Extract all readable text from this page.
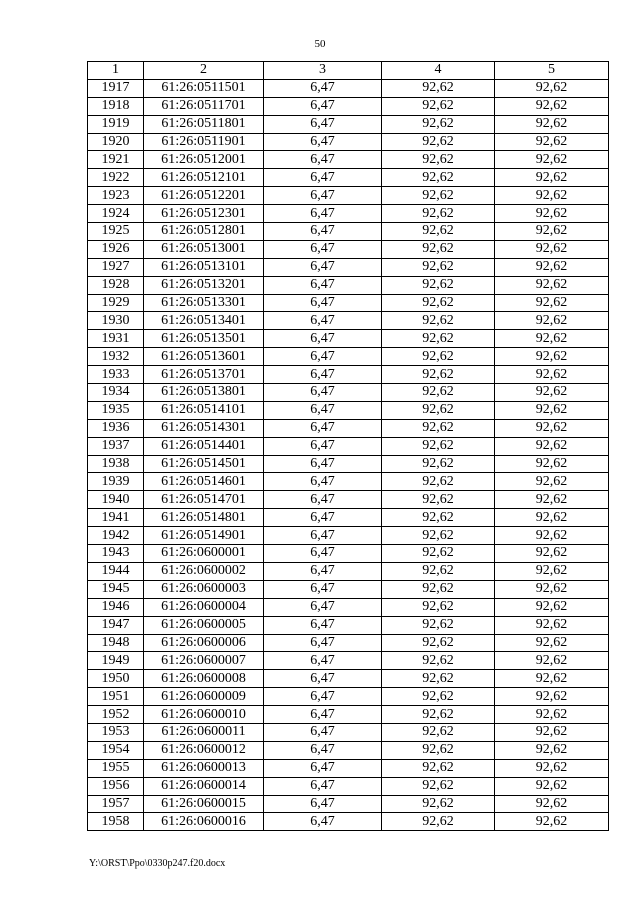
50
1	2	3	4	5
1917	61:26:0511501	6,47	92,62	92,62
1918	61:26:0511701	6,47	92,62	92,62
1919	61:26:0511801	6,47	92,62	92,62
1920	61:26:0511901	6,47	92,62	92,62
1921	61:26:0512001	6,47	92,62	92,62
1922	61:26:0512101	6,47	92,62	92,62
1923	61:26:0512201	6,47	92,62	92,62
1924	61:26:0512301	6,47	92,62	92,62
1925	61:26:0512801	6,47	92,62	92,62
1926	61:26:0513001	6,47	92,62	92,62
1927	61:26:0513101	6,47	92,62	92,62
1928	61:26:0513201	6,47	92,62	92,62
1929	61:26:0513301	6,47	92,62	92,62
1930	61:26:0513401	6,47	92,62	92,62
1931	61:26:0513501	6,47	92,62	92,62
1932	61:26:0513601	6,47	92,62	92,62
1933	61:26:0513701	6,47	92,62	92,62
1934	61:26:0513801	6,47	92,62	92,62
1935	61:26:0514101	6,47	92,62	92,62
1936	61:26:0514301	6,47	92,62	92,62
1937	61:26:0514401	6,47	92,62	92,62
1938	61:26:0514501	6,47	92,62	92,62
1939	61:26:0514601	6,47	92,62	92,62
1940	61:26:0514701	6,47	92,62	92,62
1941	61:26:0514801	6,47	92,62	92,62
1942	61:26:0514901	6,47	92,62	92,62
1943	61:26:0600001	6,47	92,62	92,62
1944	61:26:0600002	6,47	92,62	92,62
1945	61:26:0600003	6,47	92,62	92,62
1946	61:26:0600004	6,47	92,62	92,62
1947	61:26:0600005	6,47	92,62	92,62
1948	61:26:0600006	6,47	92,62	92,62
1949	61:26:0600007	6,47	92,62	92,62
1950	61:26:0600008	6,47	92,62	92,62
1951	61:26:0600009	6,47	92,62	92,62
1952	61:26:0600010	6,47	92,62	92,62
1953	61:26:0600011	6,47	92,62	92,62
1954	61:26:0600012	6,47	92,62	92,62
1955	61:26:0600013	6,47	92,62	92,62
1956	61:26:0600014	6,47	92,62	92,62
1957	61:26:0600015	6,47	92,62	92,62
1958	61:26:0600016	6,47	92,62	92,62
Y:\ORST\Ppo\0330p247.f20.docx
